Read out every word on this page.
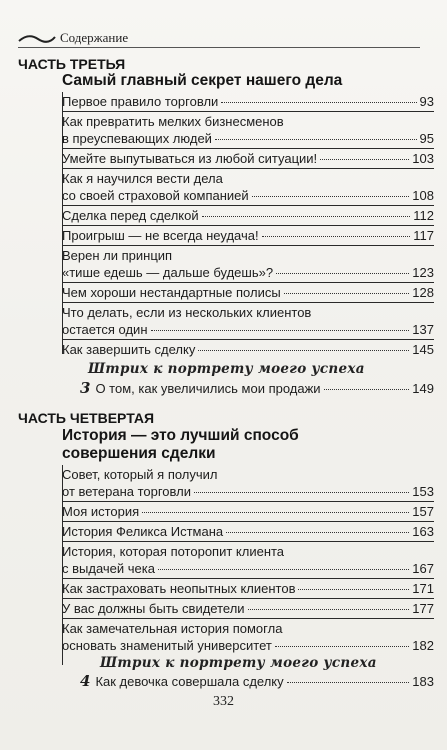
Содержание
ЧАСТЬ ТРЕТЬЯ
Самый главный секрет нашего дела
Первое правило торговли	93
Как превратить мелких бизнесменов
в преуспевающих людей	95
Умейте выпутываться из любой ситуации!	103
Как я научился вести дела
со своей страховой компанией	108
Сделка перед сделкой	112
Проигрыш — не всегда неудача!	117
Верен ли принцип
«тише едешь — дальше будешь»?	123
Чем хороши нестандартные полисы	128
Что делать, если из нескольких клиентов
остается один	137
Как завершить сделку	145
Штрих к портрету моего успеха
3 О том, как увеличились мои продажи	149
ЧАСТЬ ЧЕТВЕРТАЯ
История — это лучший способ
совершения сделки
Совет, который я получил
от ветерана торговли	153
Моя история	157
История Феликса Истмана	163
История, которая поторопит клиента
с выдачей чека	167
Как застраховать неопытных клиентов	171
У вас должны быть свидетели	177
Как замечательная история помогла
основать знаменитый университет	182
Штрих к портрету моего успеха
4 Как девочка совершала сделку	183
332
